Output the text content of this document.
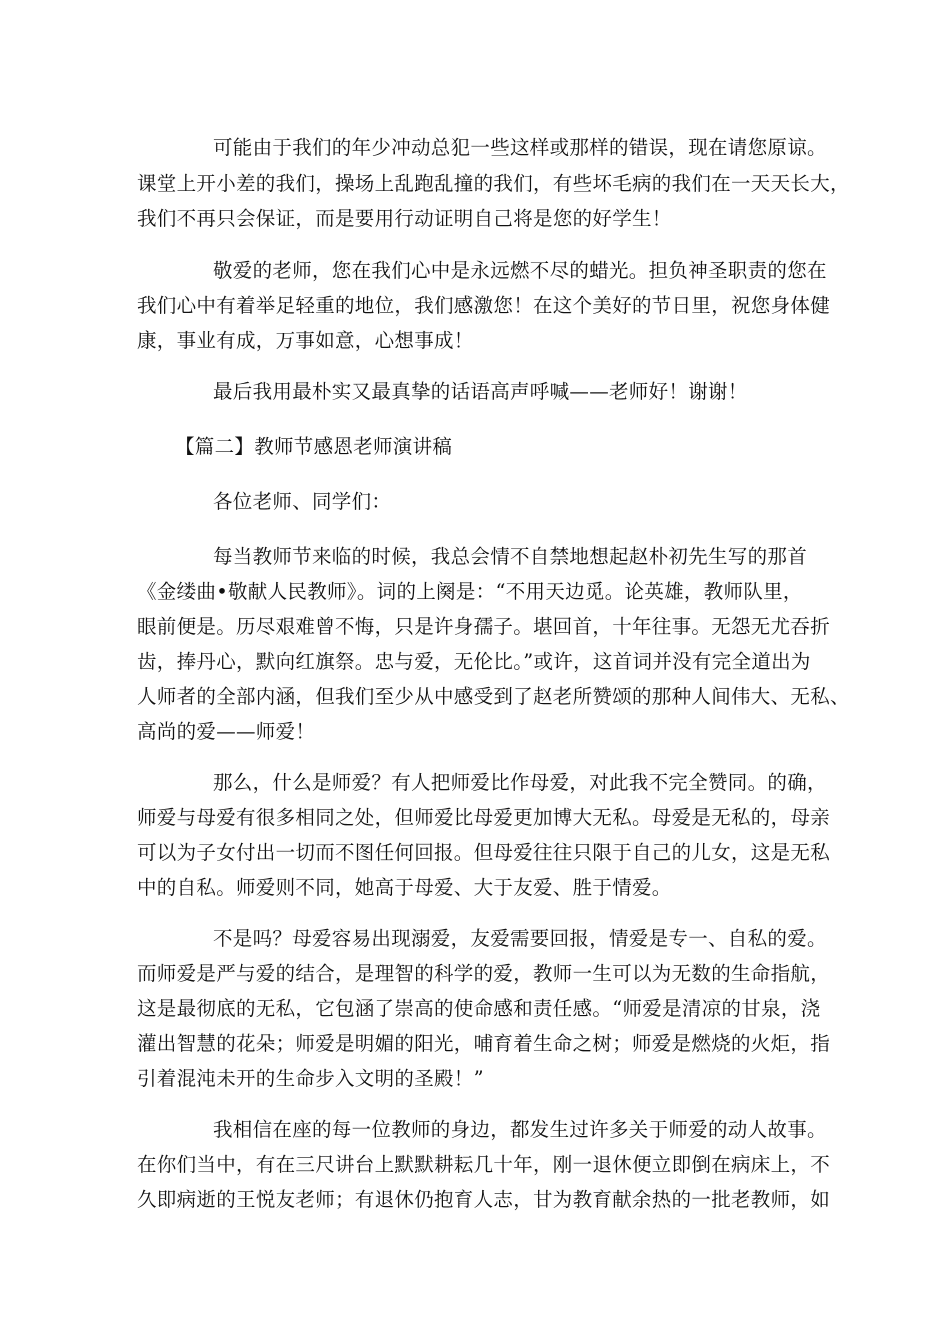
可能由于我们的年少冲动总犯一些这样或那样的错误，现在请您原谅。

课堂上开小差的我们，操场上乱跑乱撞的我们，有些坏毛病的我们在一天天长大，

我们不再只会保证，而是要用行动证明自己将是您的好学生！

敬爱的老师，您在我们心中是永远燃不尽的蜡光。担负神圣职责的您在

我们心中有着举足轻重的地位，我们感激您！在这个美好的节日里，祝您身体健

康，事业有成，万事如意，心想事成！

最后我用最朴实又最真挚的话语高声呼喊——老师好！谢谢！

【篇二】教师节感恩老师演讲稿

各位老师、同学们：

每当教师节来临的时候，我总会情不自禁地想起赵朴初先生写的那首

《金缕曲•敬献人民教师》。词的上阕是：“不用天边觅。论英雄，教师队里，

眼前便是。历尽艰难曾不悔，只是许身孺子。堪回首，十年往事。无怨无尤吞折

齿，捧丹心，默向红旗祭。忠与爱，无伦比。”或许，这首词并没有完全道出为

人师者的全部内涵，但我们至少从中感受到了赵老所赞颂的那种人间伟大、无私、

高尚的爱——师爱！

那么，什么是师爱？有人把师爱比作母爱，对此我不完全赞同。的确，

师爱与母爱有很多相同之处，但师爱比母爱更加博大无私。母爱是无私的，母亲

可以为子女付出一切而不图任何回报。但母爱往往只限于自己的儿女，这是无私

中的自私。师爱则不同，她高于母爱、大于友爱、胜于情爱。

不是吗？母爱容易出现溺爱，友爱需要回报，情爱是专一、自私的爱。

而师爱是严与爱的结合，是理智的科学的爱，教师一生可以为无数的生命指航，

这是最彻底的无私，它包涵了崇高的使命感和责任感。“师爱是清凉的甘泉，浇

灌出智慧的花朵；师爱是明媚的阳光，哺育着生命之树；师爱是燃烧的火炬，指

引着混沌未开的生命步入文明的圣殿！”

我相信在座的每一位教师的身边，都发生过许多关于师爱的动人故事。

在你们当中，有在三尺讲台上默默耕耘几十年，刚一退休便立即倒在病床上，不

久即病逝的王悦友老师；有退休仍抱育人志，甘为教育献余热的一批老教师，如
